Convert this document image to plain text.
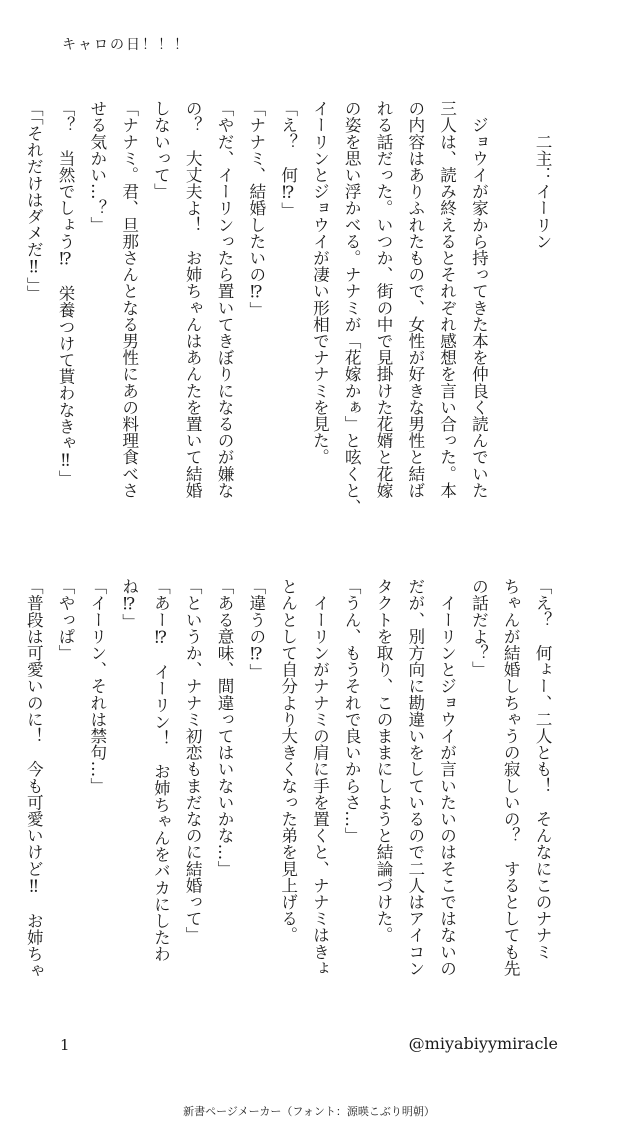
キャロの日！！！

　　二主：イーリン

　ジョウイが家から持ってきた本を仲良く読んでいた

三人は、読み終えるとそれぞれ感想を言い合った。本

の内容はありふれたもので、女性が好きな男性と結ば

れる話だった。いつか、街の中で見掛けた花婿と花嫁

の姿を思い浮かべる。ナナミが「花嫁かぁ」と呟くと、

イーリンとジョウイが凄い形相でナナミを見た。

「え？　何⁉」

「ナナミ、結婚したいの⁉」

「やだ、イーリンったら置いてきぼりになるのが嫌な

の？　大丈夫よ！　お姉ちゃんはあんたを置いて結婚

しないって」

「ナナミ。君、旦那さんとなる男性にあの料理食べさ

せる気かい…？」

「？　当然でしょう⁉　栄養つけて貰わなきゃ‼」

「「それだけはダメだ‼」」

「え？　何ょー、二人とも！　そんなにこのナナミ

ちゃんが結婚しちゃうの寂しいの？　するとしても先

の話だよ？」

　イーリンとジョウイが言いたいのはそこではないの

だが、別方向に勘違いをしているので二人はアイコン

タクトを取り、このままにしようと結論づけた。

「うん、もうそれで良いからさ…」

　イーリンがナナミの肩に手を置くと、ナナミはきょ

とんとして自分より大きくなった弟を見上げる。

「違うの⁉」

「ある意味、間違ってはいないかな…」

「というか、ナナミ初恋もまだなのに結婚って」

「あー⁉　イーリン！　お姉ちゃんをバカにしたわ

ね⁉」

「イーリン、それは禁句…」

「やっぱ」

「普段は可愛いのに！　今も可愛いけど‼　お姉ちゃ

1	@miyabiyymiracle
新書ページメーカー（フォント：源暎こぶり明朝）
